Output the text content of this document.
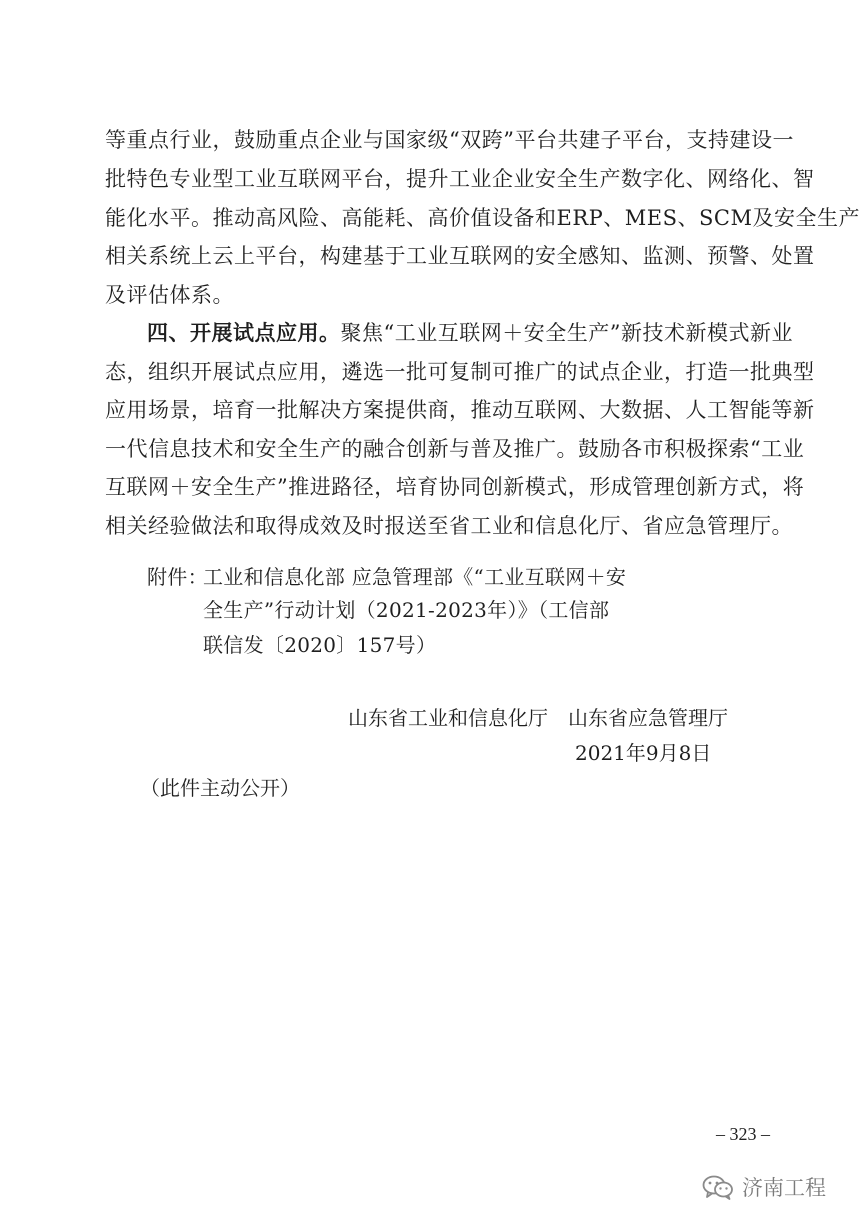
等重点行业，鼓励重点企业与国家级“双跨”平台共建子平台，支持建设一
批特色专业型工业互联网平台，提升工业企业安全生产数字化、网络化、智
能化水平。推动高风险、高能耗、高价值设备和ERP、MES、SCM及安全生产
相关系统上云上平台，构建基于工业互联网的安全感知、监测、预警、处置
及评估体系。
四、开展试点应用。聚焦“工业互联网＋安全生产”新技术新模式新业
态，组织开展试点应用，遴选一批可复制可推广的试点企业，打造一批典型
应用场景，培育一批解决方案提供商，推动互联网、大数据、人工智能等新
一代信息技术和安全生产的融合创新与普及推广。鼓励各市积极探索“工业
互联网＋安全生产”推进路径，培育协同创新模式，形成管理创新方式，将
相关经验做法和取得成效及时报送至省工业和信息化厅、省应急管理厅。
附件：
工业和信息化部 应急管理部《“工业互联网＋安
全生产”行动计划（2021-2023年）》（工信部
联信发〔2020〕157号）
山东省工业和信息化厅　山东省应急管理厅
2021年9月8日
（此件主动公开）
– 323 –
济南工程
